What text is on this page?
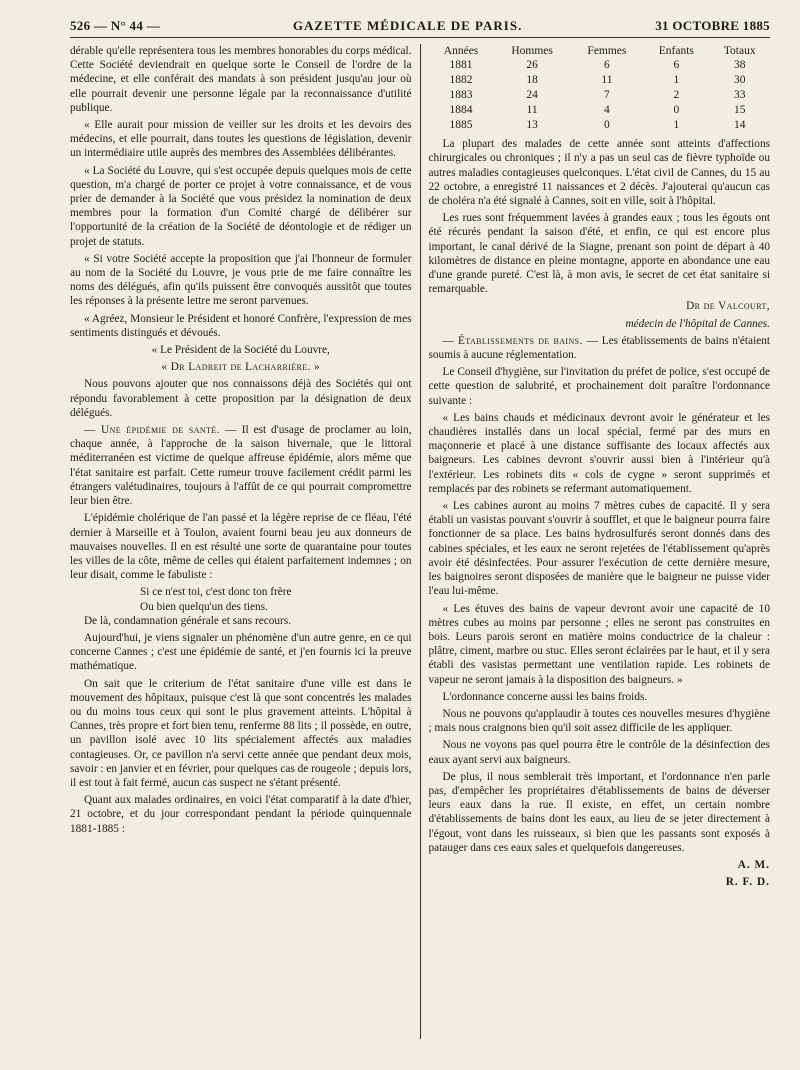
526 — N° 44 —	GAZETTE MÉDICALE DE PARIS.	31 OCTOBRE 1885

dérable qu'elle représentera tous les membres honorables du corps médical. Cette Société deviendrait en quelque sorte le Conseil de l'ordre de la médecine, et elle conférait des mandats à son président jusqu'au jour où elle pourrait devenir une personne légale par la reconnaissance d'utilité publique.

« Elle aurait pour mission de veiller sur les droits et les devoirs des médecins, et elle pourrait, dans toutes les questions de législation, devenir un intermédiaire utile auprès des membres des Assemblées délibérantes.

« La Société du Louvre, qui s'est occupée depuis quelques mois de cette question, m'a chargé de porter ce projet à votre connaissance, et de vous prier de demander à la Société que vous présidez la nomination de deux membres pour la formation d'un Comité chargé de délibérer sur l'opportunité de la création de la Société de déontologie et de rédiger un projet de statuts.

« Si votre Société accepte la proposition que j'ai l'honneur de formuler au nom de la Société du Louvre, je vous prie de me faire connaître les noms des délégués, afin qu'ils puissent être convoqués aussitôt que toutes les réponses à la présente lettre me seront parvenues.

« Agréez, Monsieur le Président et honoré Confrère, l'expression de mes sentiments distingués et dévoués.

« Le Président de la Société du Louvre,

« Dr Ladreit de Lacharrière. »

Nous pouvons ajouter que nos connaissons déjà des Sociétés qui ont répondu favorablement à cette proposition par la désignation de deux délégués.

— Une épidémie de santé. — Il est d'usage de proclamer au loin, chaque année, à l'approche de la saison hivernale, que le littoral méditerranéen est victime de quelque affreuse épidémie, alors même que l'état sanitaire est parfait. Cette rumeur trouve facilement crédit parmi les étrangers valétudinaires, toujours à l'affût de ce qui pourrait compromettre leur bien être.

L'épidémie cholérique de l'an passé et la légère reprise de ce fléau, l'été dernier à Marseille et à Toulon, avaient fourni beau jeu aux donneurs de mauvaises nouvelles. Il en est résulté une sorte de quarantaine pour toutes les villes de la côte, même de celles qui étaient parfaitement indemnes ; on leur disait, comme le fabuliste :

Si ce n'est toi, c'est donc ton frère

Ou bien quelqu'un des tiens.

De là, condamnation générale et sans recours.

Aujourd'hui, je viens signaler un phénomène d'un autre genre, en ce qui concerne Cannes ; c'est une épidémie de santé, et j'en fournis ici la preuve mathématique.

On sait que le criterium de l'état sanitaire d'une ville est dans le mouvement des hôpitaux, puisque c'est là que sont concentrés les malades ou du moins tous ceux qui sont le plus gravement atteints. L'hôpital à Cannes, très propre et fort bien tenu, renferme 88 lits ; il possède, en outre, un pavillon isolé avec 10 lits spécialement affectés aux maladies contagieuses. Or, ce pavillon n'a servi cette année que pendant deux mois, savoir : en janvier et en février, pour quelques cas de rougeole ; depuis lors, il est tout à fait fermé, aucun cas suspect ne s'étant présenté.

Quant aux malades ordinaires, en voici l'état comparatif à la date d'hier, 21 octobre, et du jour correspondant pendant la période quinquennale 1881-1885 :

Années	Hommes	Femmes	Enfants	Totaux
1881	26	6	6	38
1882	18	11	1	30
1883	24	7	2	33
1884	11	4	0	15
1885	13	0	1	14

La plupart des malades de cette année sont atteints d'affections chirurgicales ou chroniques ; il n'y a pas un seul cas de fièvre typhoïde ou autres maladies contagieuses quelconques. L'état civil de Cannes, du 15 au 22 octobre, a enregistré 11 naissances et 2 décès. J'ajouterai qu'aucun cas de choléra n'a été signalé à Cannes, soit en ville, soit à l'hôpital.

Les rues sont fréquemment lavées à grandes eaux ; tous les égouts ont été récurés pendant la saison d'été, et enfin, ce qui est encore plus important, le canal dérivé de la Siagne, prenant son point de départ à 40 kilomètres de distance en pleine montagne, apporte en abondance une eau d'une grande pureté. C'est là, à mon avis, le secret de cet état sanitaire si remarquable.

Dr de Valcourt,

médecin de l'hôpital de Cannes.

— Établissements de bains. — Les établissements de bains n'étaient soumis à aucune réglementation.

Le Conseil d'hygiène, sur l'invitation du préfet de police, s'est occupé de cette question de salubrité, et prochainement doit paraître l'ordonnance suivante :

« Les bains chauds et médicinaux devront avoir le générateur et les chaudières installés dans un local spécial, fermé par des murs en maçonnerie et placé à une distance suffisante des locaux affectés aux baigneurs. Les cabines devront s'ouvrir aussi bien à l'intérieur qu'à l'extérieur. Les robinets dits « cols de cygne » seront supprimés et remplacés par des robinets se refermant automatiquement.

« Les cabines auront au moins 7 mètres cubes de capacité. Il y sera établi un vasistas pouvant s'ouvrir à soufflet, et que le baigneur pourra faire fonctionner de sa place. Les bains hydrosulfurés seront donnés dans des cabines spéciales, et les eaux ne seront rejetées de l'établissement qu'après avoir été désinfectées. Pour assurer l'exécution de cette dernière mesure, les baignoires seront disposées de manière que le baigneur ne puisse vider l'eau lui-même.

« Les étuves des bains de vapeur devront avoir une capacité de 10 mètres cubes au moins par personne ; elles ne seront pas construites en bois. Leurs parois seront en matière moins conductrice de la chaleur : plâtre, ciment, marbre ou stuc. Elles seront éclairées par le haut, et il y sera établi des vasistas permettant une ventilation rapide. Les robinets de vapeur ne seront jamais à la disposition des baigneurs. »

L'ordonnance concerne aussi les bains froids.

Nous ne pouvons qu'applaudir à toutes ces nouvelles mesures d'hygiène ; mais nous craignons bien qu'il soit assez difficile de les appliquer.

Nous ne voyons pas quel pourra être le contrôle de la désinfection des eaux ayant servi aux baigneurs.

De plus, il nous semblerait très important, et l'ordonnance n'en parle pas, d'empêcher les propriétaires d'établissements de bains de déverser leurs eaux dans la rue. Il existe, en effet, un certain nombre d'établissements de bains dont les eaux, au lieu de se jeter directement à l'égout, vont dans les ruisseaux, si bien que les passants sont exposés à patauger dans ces eaux sales et quelquefois dangereuses.

A. M.

R. F. D.
